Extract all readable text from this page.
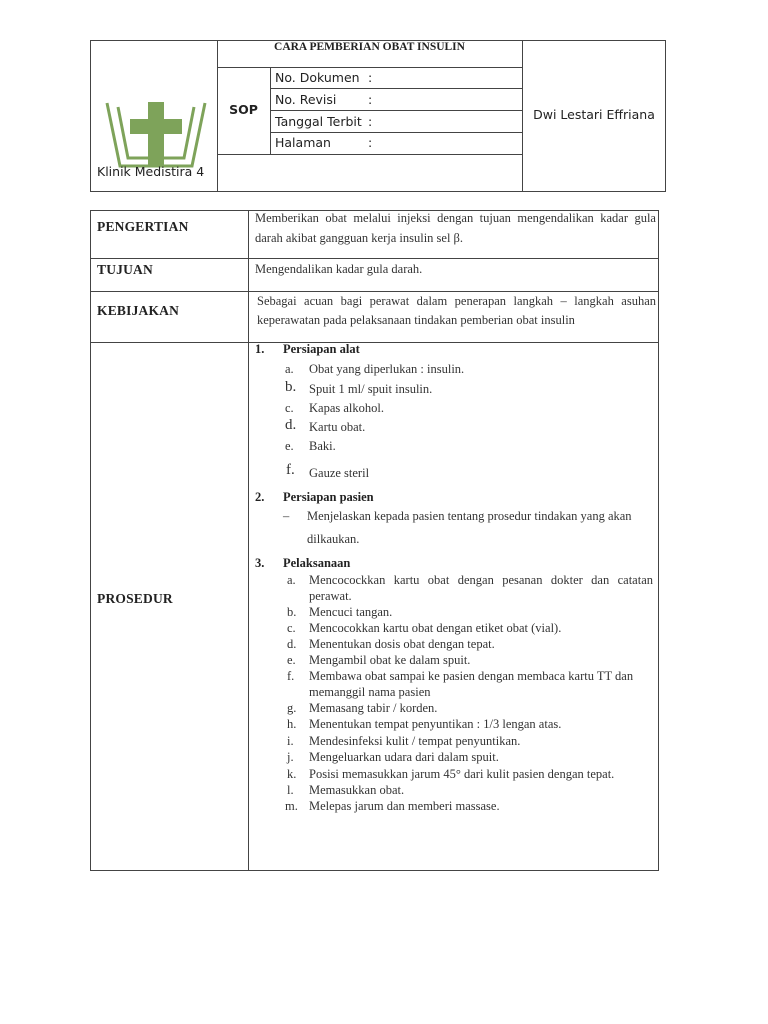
Klinik Medistira 4
CARA PEMBERIAN OBAT INSULIN
SOP
No. Dokumen :
No. Revisi	:
Tanggal Terbit :
Halaman	:
Dwi Lestari Effriana
PENGERTIAN
TUJUAN
KEBIJAKAN
PROSEDUR
Memberikan obat melalui injeksi dengan tujuan mengendalikan kadar gula
darah akibat gangguan kerja insulin sel β.
Mengendalikan kadar gula darah.
Sebagai acuan bagi perawat dalam penerapan langkah – langkah asuhan
keperawatan pada pelaksanaan tindakan pemberian obat insulin
1. Persiapan alat
a. Obat yang diperlukan : insulin.
b. Spuit 1 ml/ spuit insulin.
c. Kapas alkohol.
d. Kartu obat.
e. Baki.
f. Gauze steril
2. Persiapan pasien
– Menjelaskan kepada pasien tentang prosedur tindakan yang akan
dilkaukan.
3. Pelaksanaan
a. Mencocockkan kartu obat dengan pesanan dokter dan catatan
perawat.
b. Mencuci tangan.
c. Mencocokkan kartu obat dengan etiket obat (vial).
d. Menentukan dosis obat dengan tepat.
e. Mengambil obat ke dalam spuit.
f. Membawa obat sampai ke pasien dengan membaca kartu TT dan
memanggil nama pasien
g. Memasang tabir / korden.
h. Menentukan tempat penyuntikan : 1/3 lengan atas.
i. Mendesinfeksi kulit / tempat penyuntikan.
j. Mengeluarkan udara dari dalam spuit.
k. Posisi memasukkan jarum 45° dari kulit pasien dengan tepat.
l. Memasukkan obat.
m. Melepas jarum dan memberi massase.
